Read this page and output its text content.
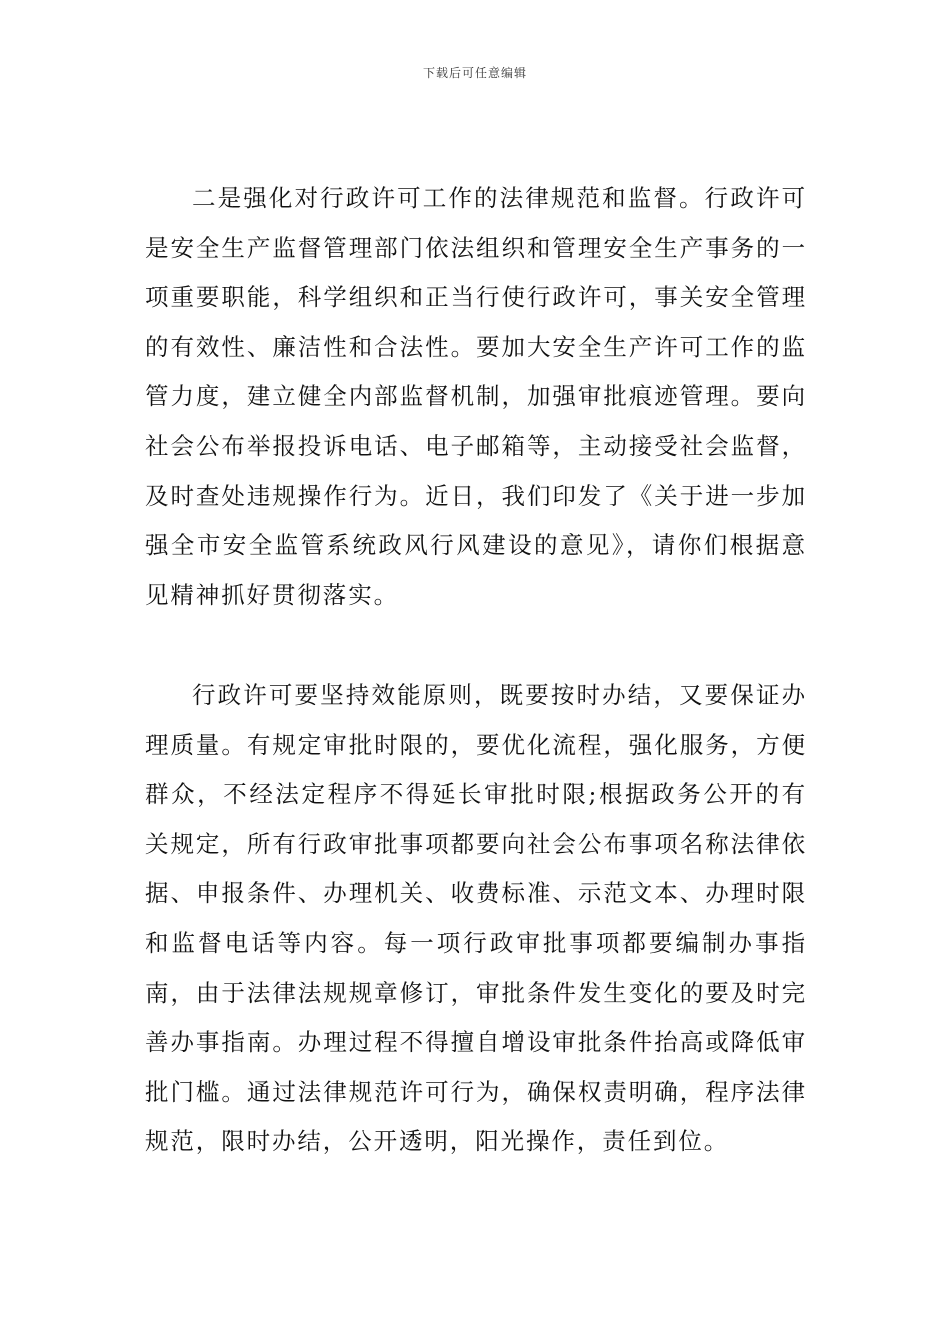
下载后可任意编辑

二是强化对行政许可工作的法律规范和监督。行政许可是安全生产监督管理部门依法组织和管理安全生产事务的一项重要职能，科学组织和正当行使行政许可，事关安全管理的有效性、廉洁性和合法性。要加大安全生产许可工作的监管力度，建立健全内部监督机制，加强审批痕迹管理。要向社会公布举报投诉电话、电子邮箱等，主动接受社会监督，及时查处违规操作行为。近日，我们印发了《关于进一步加强全市安全监管系统政风行风建设的意见》，请你们根据意见精神抓好贯彻落实。

行政许可要坚持效能原则，既要按时办结，又要保证办理质量。有规定审批时限的，要优化流程，强化服务，方便群众，不经法定程序不得延长审批时限;根据政务公开的有关规定，所有行政审批事项都要向社会公布事项名称法律依据、申报条件、办理机关、收费标准、示范文本、办理时限和监督电话等内容。每一项行政审批事项都要编制办事指南，由于法律法规规章修订，审批条件发生变化的要及时完善办事指南。办理过程不得擅自增设审批条件抬高或降低审批门槛。通过法律规范许可行为，确保权责明确，程序法律规范，限时办结，公开透明，阳光操作，责任到位。
